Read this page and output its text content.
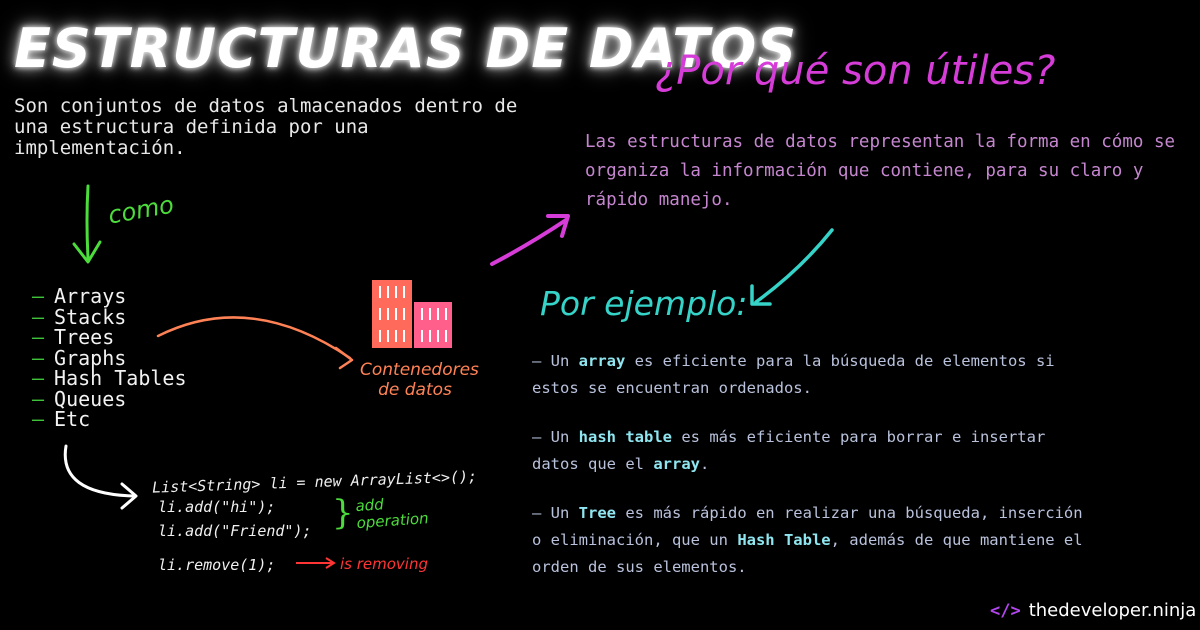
ESTRUCTURAS DE DATOS
Son conjuntos de datos almacenados dentro de una estructura definida por una implementación.
como
— Arrays
— Stacks
— Trees
— Graphs
— Hash Tables
— Queues
— Etc
Contenedores de datos
List<String> li = new ArrayList<>();
li.add("hi");
li.add("Friend"); } add operation
li.remove(1);	is removing
¿Por qué son útiles?
Las estructuras de datos representan la forma en cómo se organiza la información que contiene, para su claro y rápido manejo.
Por ejemplo:
– Un array es eficiente para la búsqueda de elementos si estos se encuentran ordenados.
– Un hash table es más eficiente para borrar e insertar datos que el array.
– Un Tree es más rápido en realizar una búsqueda, inserción o eliminación, que un Hash Table, además de que mantiene el orden de sus elementos.
</> thedeveloper.ninja
